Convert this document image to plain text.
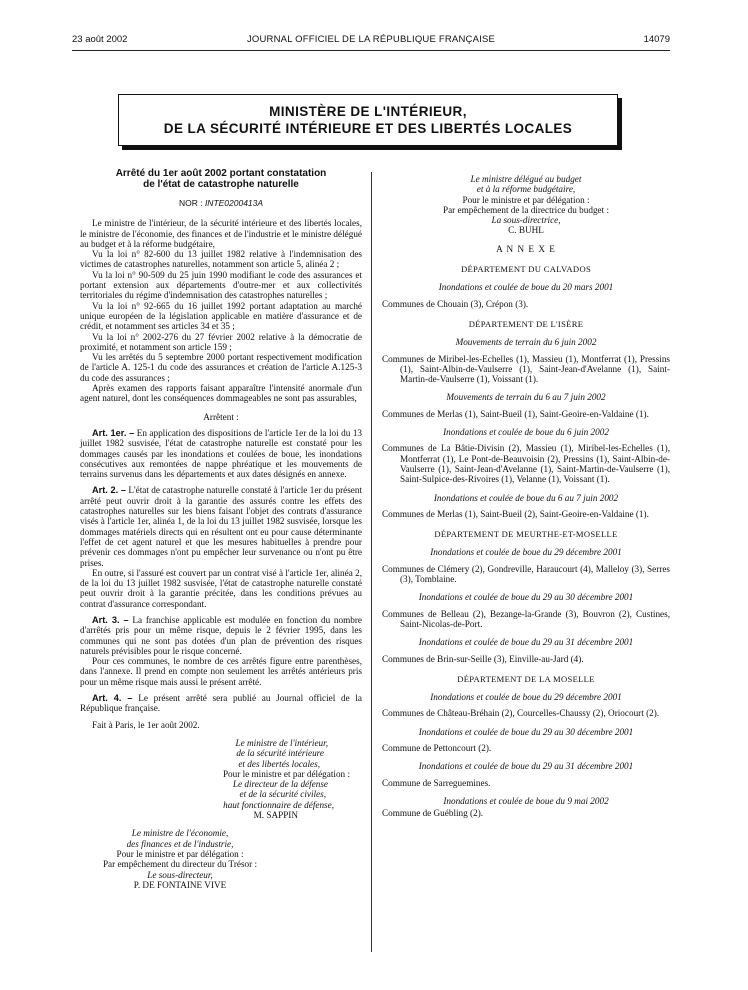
23 août 2002	JOURNAL OFFICIEL DE LA RÉPUBLIQUE FRANÇAISE	14079
MINISTÈRE DE L'INTÉRIEUR,
DE LA SÉCURITÉ INTÉRIEURE ET DES LIBERTÉS LOCALES

Arrêté du 1er août 2002 portant constatation

de l'état de catastrophe naturelle

NOR : INTE0200413A

Le ministre de l'intérieur, de la sécurité intérieure et des libertés locales, le ministre de l'économie, des finances et de l'industrie et le ministre délégué au budget et à la réforme budgétaire,

Vu la loi n° 82-600 du 13 juillet 1982 relative à l'indemnisation des victimes de catastrophes naturelles, notamment son article 5, alinéa 2 ;

Vu la loi n° 90-509 du 25 juin 1990 modifiant le code des assurances et portant extension aux départements d'outre-mer et aux collectivités territoriales du régime d'indemnisation des catastrophes naturelles ;

Vu la loi n° 92-665 du 16 juillet 1992 portant adaptation au marché unique européen de la législation applicable en matière d'assurance et de crédit, et notamment ses articles 34 et 35 ;

Vu la loi n° 2002-276 du 27 février 2002 relative à la démocratie de proximité, et notamment son article 159 ;

Vu les arrêtés du 5 septembre 2000 portant respectivement modification de l'article A. 125-1 du code des assurances et création de l'article A.125-3 du code des assurances ;

Après examen des rapports faisant apparaître l'intensité anormale d'un agent naturel, dont les conséquences dommageables ne sont pas assurables,

Arrêtent :

Art. 1er. – En application des dispositions de l'article 1er de la loi du 13 juillet 1982 susvisée, l'état de catastrophe naturelle est constaté pour les dommages causés par les inondations et coulées de boue, les inondations consécutives aux remontées de nappe phréatique et les mouvements de terrains survenus dans les départements et aux dates désignés en annexe.

Art. 2. – L'état de catastrophe naturelle constaté à l'article 1er du présent arrêté peut ouvrir droit à la garantie des assurés contre les effets des catastrophes naturelles sur les biens faisant l'objet des contrats d'assurance visés à l'article 1er, alinéa 1, de la loi du 13 juillet 1982 susvisée, lorsque les dommages matériels directs qui en résultent ont eu pour cause déterminante l'effet de cet agent naturel et que les mesures habituelles à prendre pour prévenir ces dommages n'ont pu empêcher leur survenance ou n'ont pu être prises.

En outre, si l'assuré est couvert par un contrat visé à l'article 1er, alinéa 2, de la loi du 13 juillet 1982 susvisée, l'état de catastrophe naturelle constaté peut ouvrir droit à la garantie précitée, dans les conditions prévues au contrat d'assurance correspondant.

Art. 3. – La franchise applicable est modulée en fonction du nombre d'arrêtés pris pour un même risque, depuis le 2 février 1995, dans les communes qui ne sont pas dotées d'un plan de prévention des risques naturels prévisibles pour le risque concerné.

Pour ces communes, le nombre de ces arrêtés figure entre parenthèses, dans l'annexe. Il prend en compte non seulement les arrêtés antérieurs pris pour un même risque mais aussi le présent arrêté.

Art. 4. – Le présent arrêté sera publié au Journal officiel de la République française.

Fait à Paris, le 1er août 2002.

Le ministre de l'intérieur,
de la sécurité intérieure
et des libertés locales,
Pour le ministre et par délégation :
Le directeur de la défense
et de la sécurité civiles,
haut fonctionnaire de défense,
M. SAPPIN
Le ministre de l'économie,
des finances et de l'industrie,
Pour le ministre et par délégation :
Par empêchement du directeur du Trésor :
Le sous-directeur,
P. DE FONTAINE VIVE
Le ministre délégué au budget
et à la réforme budgétaire,
Pour le ministre et par délégation :
Par empêchement de la directrice du budget :
La sous-directrice,
C. BUHL

A N N E X E

DÉPARTEMENT DU CALVADOS

Inondations et coulée de boue du 20 mars 2001

Communes de Chouain (3), Crépon (3).

DÉPARTEMENT DE L'ISÈRE

Mouvements de terrain du 6 juin 2002

Communes de Miribel-les-Echelles (1), Massieu (1), Montferrat (1), Pressins (1), Saint-Albin-de-Vaulserre (1), Saint-Jean-d'Avelanne (1), Saint-Martin-de-Vaulserre (1), Voissant (1).

Mouvements de terrain du 6 au 7 juin 2002

Communes de Merlas (1), Saint-Bueil (1), Saint-Geoire-en-Valdaine (1).

Inondations et coulée de boue du 6 juin 2002

Communes de La Bâtie-Divisin (2), Massieu (1), Miribel-les-Echelles (1), Montferrat (1), Le Pont-de-Beauvoisin (2), Pressins (1), Saint-Albin-de-Vaulserre (1), Saint-Jean-d'Avelanne (1), Saint-Martin-de-Vaulserre (1), Saint-Sulpice-des-Rivoires (1), Velanne (1), Voissant (1).

Inondations et coulée de boue du 6 au 7 juin 2002

Communes de Merlas (1), Saint-Bueil (2), Saint-Geoire-en-Valdaine (1).

DÉPARTEMENT DE MEURTHE-ET-MOSELLE

Inondations et coulée de boue du 29 décembre 2001

Communes de Clémery (2), Gondreville, Haraucourt (4), Malleloy (3), Serres (3), Tomblaine.

Inondations et coulée de boue du 29 au 30 décembre 2001

Communes de Belleau (2), Bezange-la-Grande (3), Bouvron (2), Custines, Saint-Nicolas-de-Port.

Inondations et coulée de boue du 29 au 31 décembre 2001

Communes de Brin-sur-Seille (3), Einville-au-Jard (4).

DÉPARTEMENT DE LA MOSELLE

Inondations et coulée de boue du 29 décembre 2001

Communes de Château-Bréhain (2), Courcelles-Chaussy (2), Oriocourt (2).

Inondations et coulée de boue du 29 au 30 décembre 2001

Commune de Pettoncourt (2).

Inondations et coulée de boue du 29 au 31 décembre 2001

Commune de Sarreguemines.

Inondations et coulée de boue du 9 mai 2002

Commune de Guébling (2).
